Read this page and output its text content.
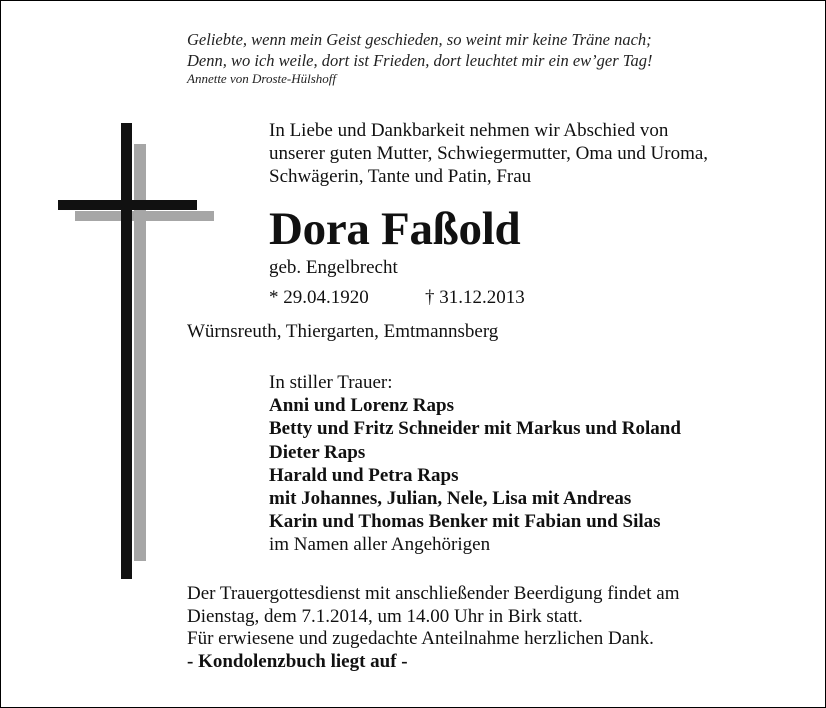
Geliebte, wenn mein Geist geschieden, so weint mir keine Träne nach;
Denn, wo ich weile, dort ist Frieden, dort leuchtet mir ein ew’ger Tag!
Annette von Droste-Hülshoff
In Liebe und Dankbarkeit nehmen wir Abschied von
unserer guten Mutter, Schwiegermutter, Oma und Uroma,
Schwägerin, Tante und Patin, Frau
Dora Faßold
geb. Engelbrecht
* 29.04.1920	† 31.12.2013
Würnsreuth, Thiergarten, Emtmannsberg
In stiller Trauer:
Anni und Lorenz Raps
Betty und Fritz Schneider mit Markus und Roland
Dieter Raps
Harald und Petra Raps
mit Johannes, Julian, Nele, Lisa mit Andreas
Karin und Thomas Benker mit Fabian und Silas
im Namen aller Angehörigen
Der Trauergottesdienst mit anschließender Beerdigung findet am
Dienstag, dem 7.1.2014, um 14.00 Uhr in Birk statt.
Für erwiesene und zugedachte Anteilnahme herzlichen Dank.
- Kondolenzbuch liegt auf -
